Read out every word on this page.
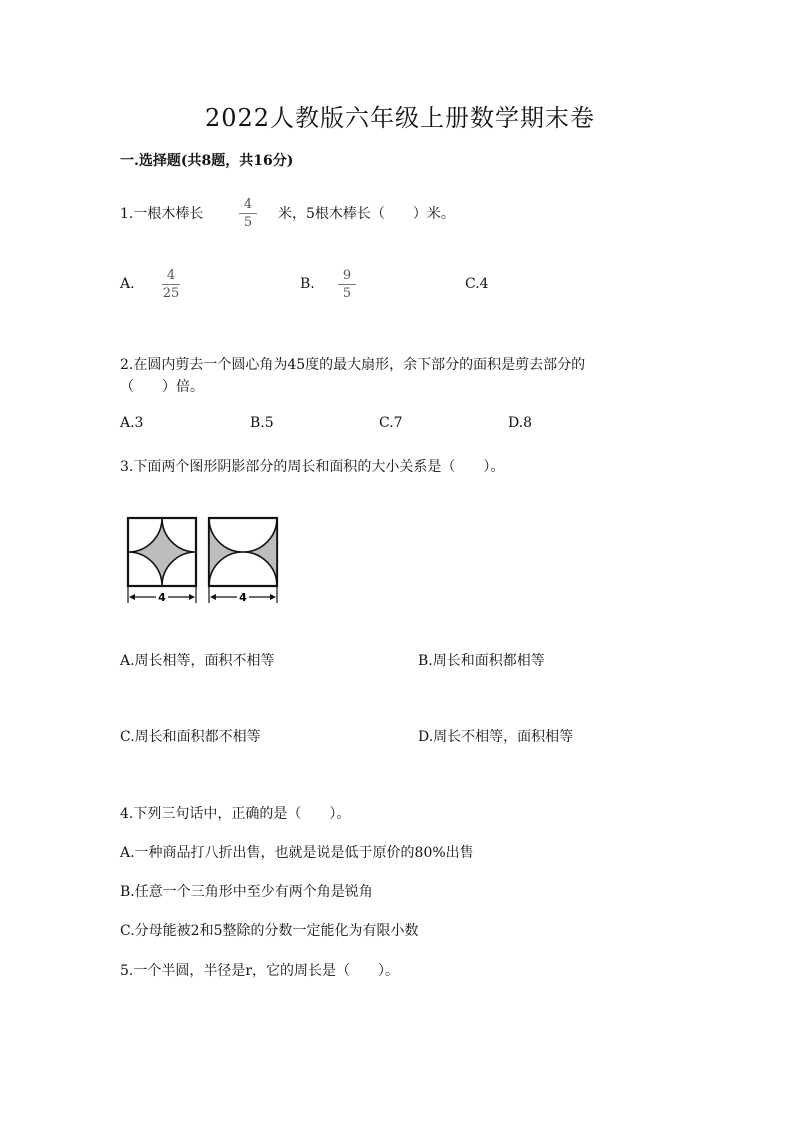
2022人教版六年级上册数学期末卷
一.选择题(共8题，共16分)
1.一根木棒长
4
5
米，5根木棒长（　　）米。
A.
4
25
B.
9
5
C.4
2.在圆内剪去一个圆心角为45度的最大扇形，余下部分的面积是剪去部分的
（　　）倍。
A.3	B.5	C.7	D.8
3.下面两个图形阴影部分的周长和面积的大小关系是（　　）。
4	4
A.周长相等，面积不相等	B.周长和面积都相等
C.周长和面积都不相等	D.周长不相等，面积相等
4.下列三句话中，正确的是（　　）。
A.一种商品打八折出售，也就是说是低于原价的80%出售
B.任意一个三角形中至少有两个角是锐角
C.分母能被2和5整除的分数一定能化为有限小数
5.一个半圆，半径是r，它的周长是（　　）。
